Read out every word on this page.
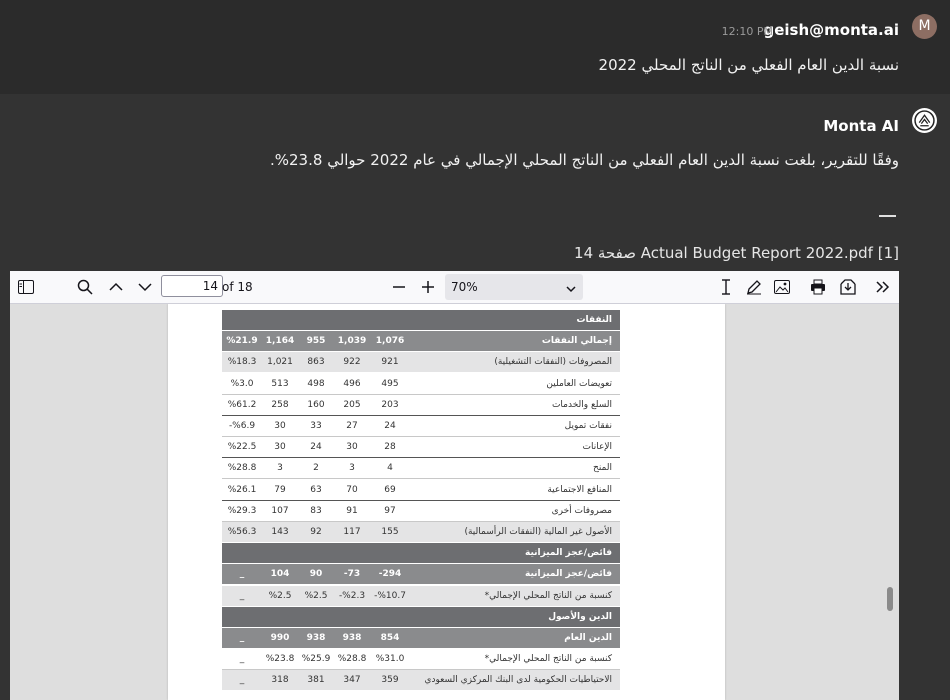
M
geish@monta.ai
12:10 PM
نسبة الدين العام الفعلي من الناتج المحلي 2022
Monta AI
وفقًا للتقرير، بلغت نسبة الدين العام الفعلي من الناتج المحلي الإجمالي في عام 2022 حوالي 23.8%.
[1] Actual Budget Report 2022.pdf صفحة 14
14
of 18	70%
النفقات
%21.9 1,164	955	1,039	1,076	إجمالي النفقات
%18.3	1,021	863	922	921	المصروفات (النفقات التشغيلية)
%3.0	513	498	496	495	تعويضات العاملين
%61.2	258	160	205	203	السلع والخدمات
-%6.9	30	33	27	24	نفقات تمويل
%22.5	30	24	30	28	الإعانات
%28.8	3	2	3	4	المنح
%26.1	79	63	70	69	المنافع الاجتماعية
%29.3	107	83	91	97	مصروفات أخرى
%56.3	143	92	117	155	الأصول غير المالية (النفقات الرأسمالية)
فائض/عجز الميزانية
_	104	90	-73	-294	فائض/عجز الميزانية
_	%2.5	%2.5	-%2.3	-%10.7	كنسبة من الناتج المحلي الإجمالي*
الدين والأصول
_	990	938	938	854	الدين العام
_	%23.8 %25.9 %28.8	%31.0	كنسبة من الناتج المحلي الإجمالي*
_	318	381	347	359	الاحتياطيات الحكومية لدى البنك المركزي السعودي
